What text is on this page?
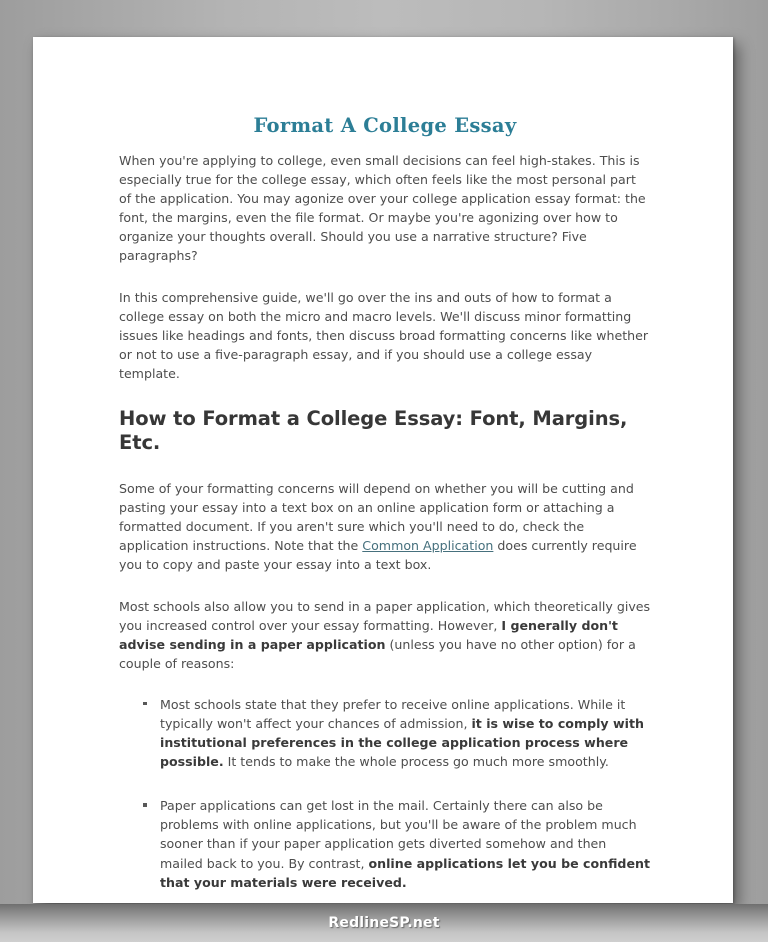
Format A College Essay

When you're applying to college, even small decisions can feel high-stakes. This is especially true for the college essay, which often feels like the most personal part of the application. You may agonize over your college application essay format: the font, the margins, even the file format. Or maybe you're agonizing over how to organize your thoughts overall. Should you use a narrative structure? Five paragraphs?

In this comprehensive guide, we'll go over the ins and outs of how to format a college essay on both the micro and macro levels. We'll discuss minor formatting issues like headings and fonts, then discuss broad formatting concerns like whether or not to use a five-paragraph essay, and if you should use a college essay template.

How to Format a College Essay: Font, Margins, Etc.

Some of your formatting concerns will depend on whether you will be cutting and pasting your essay into a text box on an online application form or attaching a formatted document. If you aren't sure which you'll need to do, check the application instructions. Note that the Common Application does currently require you to copy and paste your essay into a text box.

Most schools also allow you to send in a paper application, which theoretically gives you increased control over your essay formatting. However, I generally don't advise sending in a paper application (unless you have no other option) for a couple of reasons:

Most schools state that they prefer to receive online applications. While it typically won't affect your chances of admission, it is wise to comply with institutional preferences in the college application process where possible. It tends to make the whole process go much more smoothly.
Paper applications can get lost in the mail. Certainly there can also be problems with online applications, but you'll be aware of the problem much sooner than if your paper application gets diverted somehow and then mailed back to you. By contrast, online applications let you be confident that your materials were received.
RedlineSP.net
